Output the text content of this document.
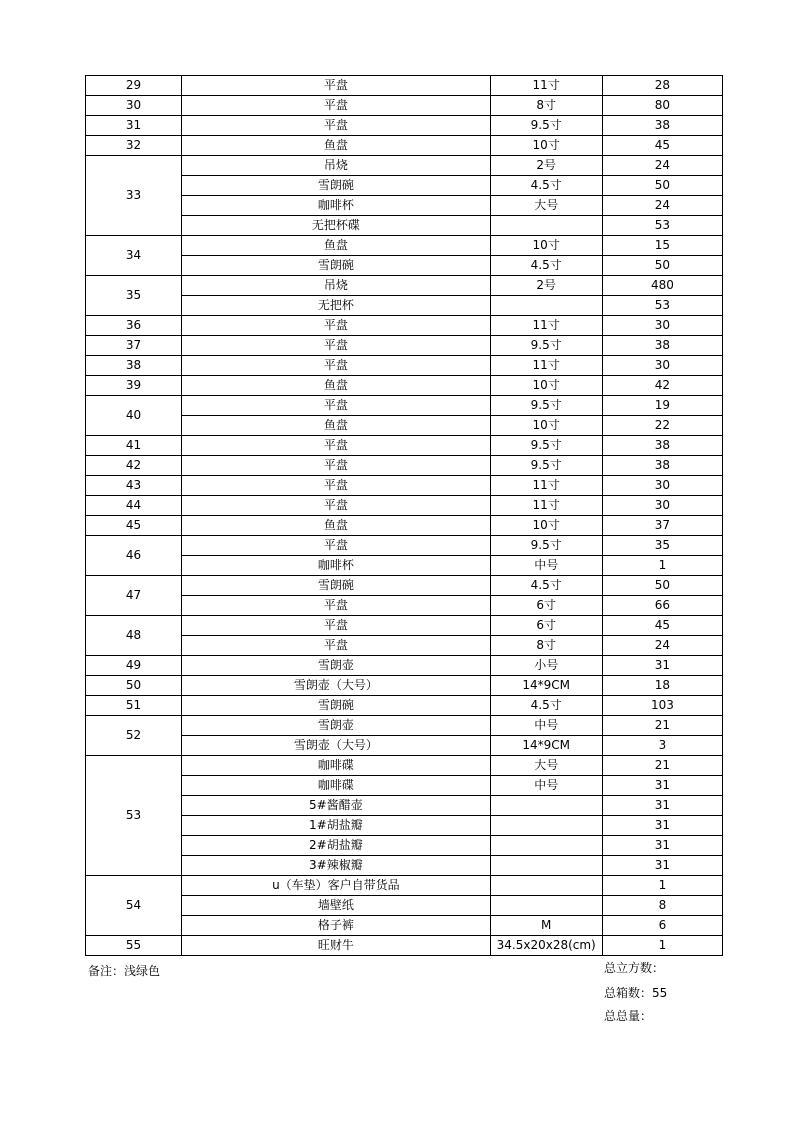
29	平盘	11寸	28
30	平盘	8寸	80
31	平盘	9.5寸	38
32	鱼盘	10寸	45
33	吊烧	2号	24
	雪朗碗	4.5寸	50
	咖啡杯	大号	24
	无把杯碟		53
34	鱼盘	10寸	15
	雪朗碗	4.5寸	50
35	吊烧	2号	480
	无把杯		53
36	平盘	11寸	30
37	平盘	9.5寸	38
38	平盘	11寸	30
39	鱼盘	10寸	42
40	平盘	9.5寸	19
	鱼盘	10寸	22
41	平盘	9.5寸	38
42	平盘	9.5寸	38
43	平盘	11寸	30
44	平盘	11寸	30
45	鱼盘	10寸	37
46	平盘	9.5寸	35
	咖啡杯	中号	1
47	雪朗碗	4.5寸	50
	平盘	6寸	66
48	平盘	6寸	45
	平盘	8寸	24
49	雪朗壶	小号	31
50	雪朗壶（大号）	14*9CM	18
51	雪朗碗	4.5寸	103
52	雪朗壶	中号	21
	雪朗壶（大号）	14*9CM	3
53	咖啡碟	大号	21
	咖啡碟	中号	31
	5#酱醋壶		31
	1#胡盐瓣		31
	2#胡盐瓣		31
	3#辣椒瓣		31
54	u（车垫）客户自带货品		1
	墙壁纸		8
	格子裤	M	6
55	旺财牛	34.5x20x28(cm)	1
备注：浅绿色	总立方数：
总箱数：55
总总量：
